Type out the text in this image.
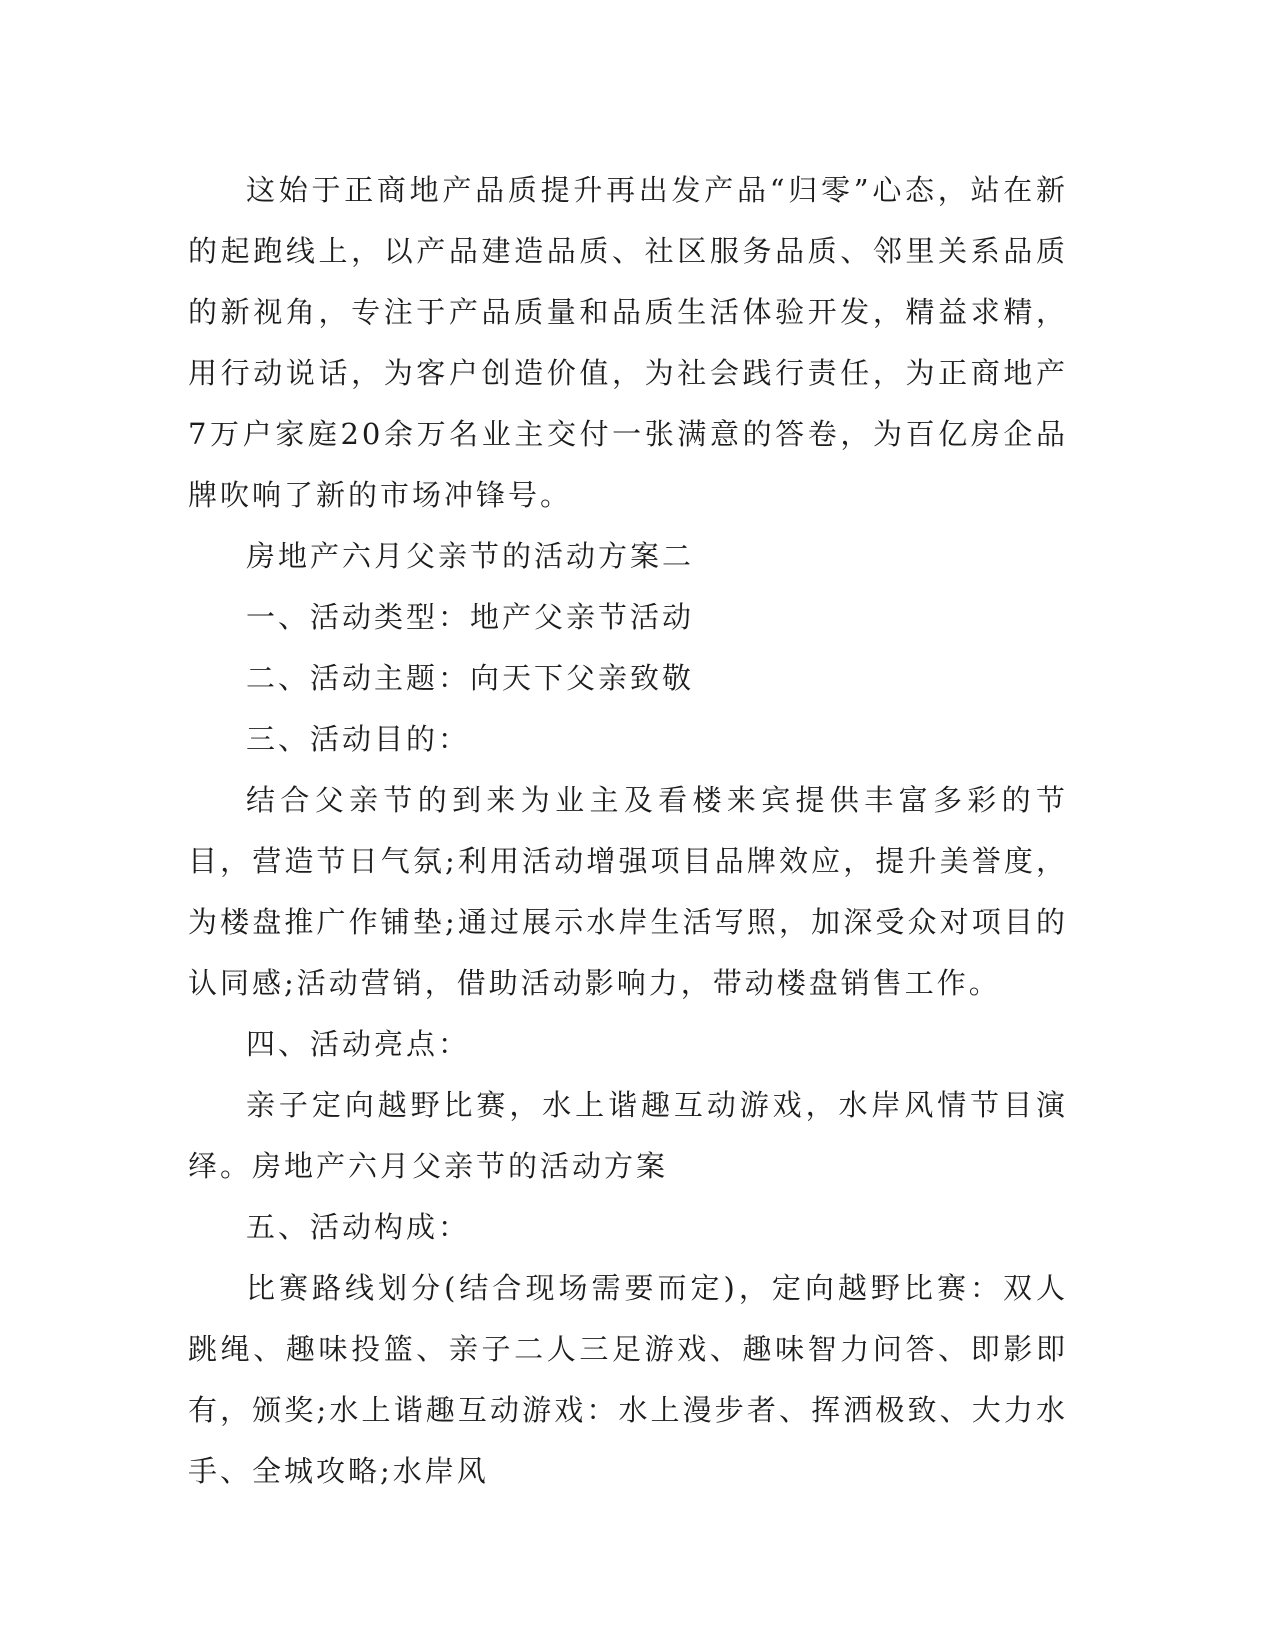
这始于正商地产品质提升再出发产品“归零”心态，站在新的起跑线上，以产品建造品质、社区服务品质、邻里关系品质的新视角，专注于产品质量和品质生活体验开发，精益求精，用行动说话，为客户创造价值，为社会践行责任，为正商地产7万户家庭20余万名业主交付一张满意的答卷，为百亿房企品牌吹响了新的市场冲锋号。

房地产六月父亲节的活动方案二

一、活动类型：地产父亲节活动

二、活动主题：向天下父亲致敬

三、活动目的：

结合父亲节的到来为业主及看楼来宾提供丰富多彩的节目，营造节日气氛;利用活动增强项目品牌效应，提升美誉度，为楼盘推广作铺垫;通过展示水岸生活写照，加深受众对项目的认同感;活动营销，借助活动影响力，带动楼盘销售工作。

四、活动亮点：

亲子定向越野比赛，水上谐趣互动游戏，水岸风情节目演绎。房地产六月父亲节的活动方案

五、活动构成：

比赛路线划分(结合现场需要而定)，定向越野比赛：双人跳绳、趣味投篮、亲子二人三足游戏、趣味智力问答、即影即有，颁奖;水上谐趣互动游戏：水上漫步者、挥洒极致、大力水手、全城攻略;水岸风
